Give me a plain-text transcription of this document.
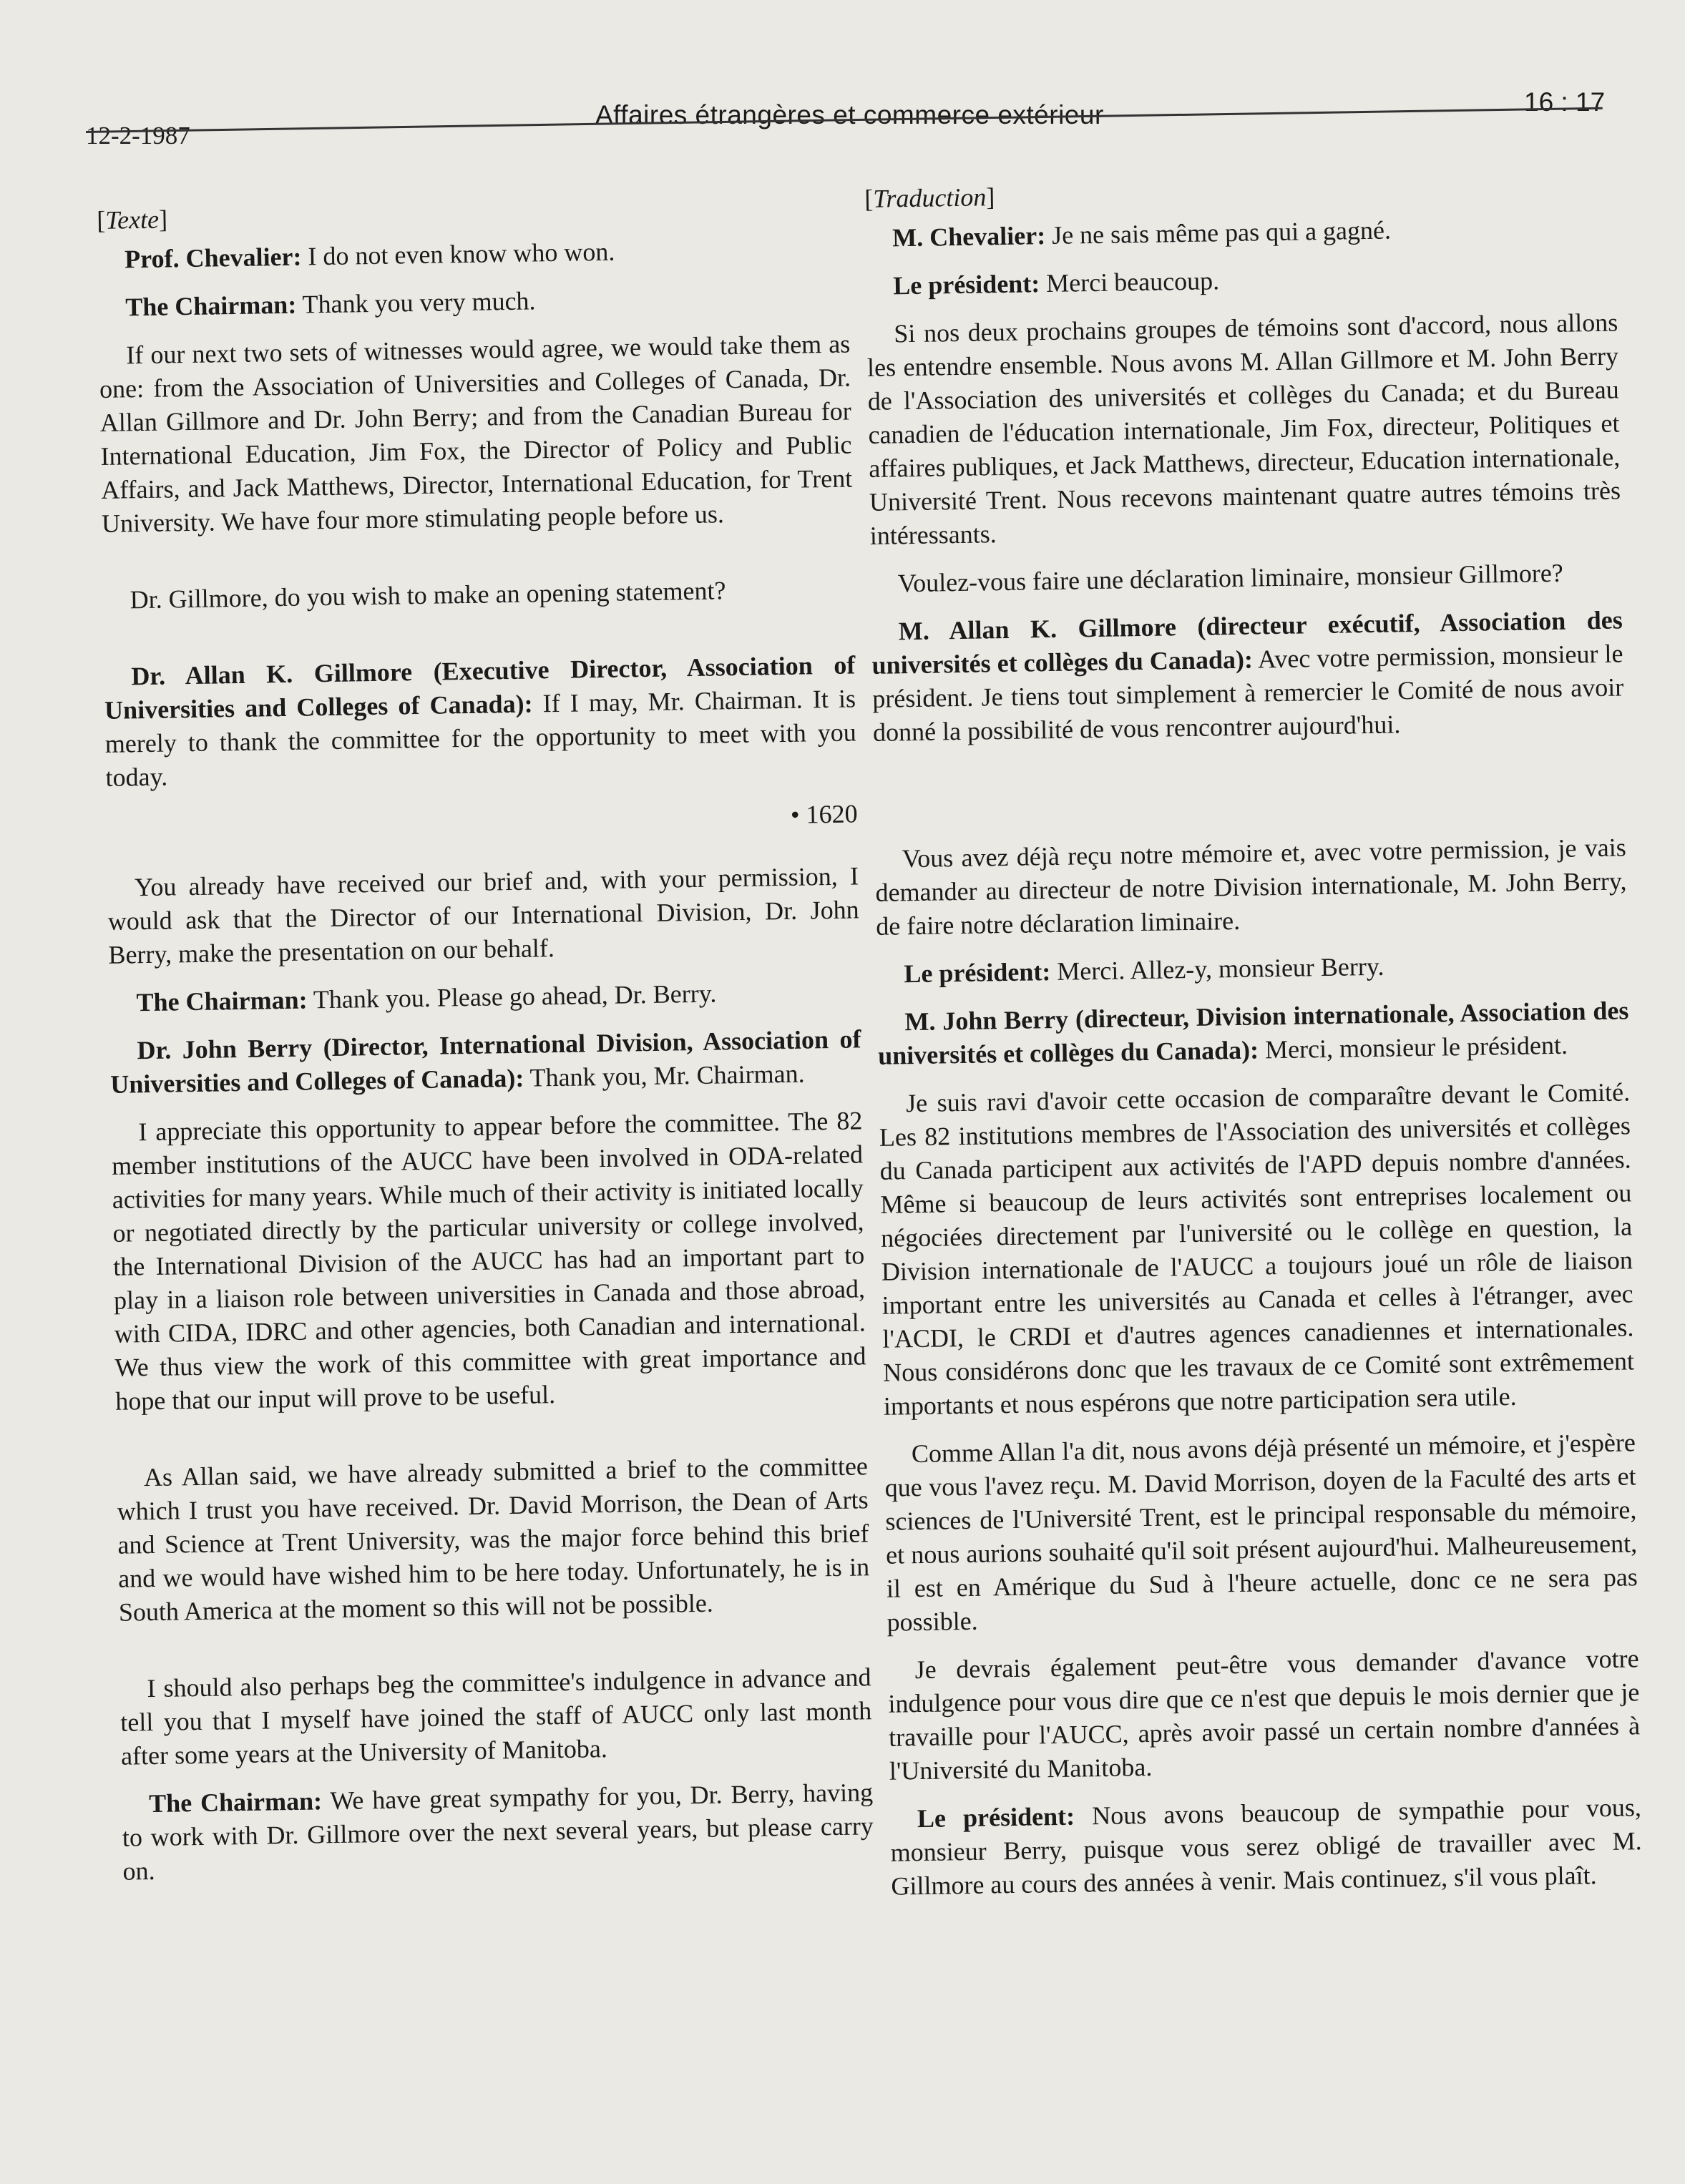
12-2-1987
Affaires étrangères et commerce extérieur	16 : 17

[Texte]

Prof. Chevalier: I do not even know who won.

The Chairman: Thank you very much.

If our next two sets of witnesses would agree, we would take them as one: from the Association of Universities and Colleges of Canada, Dr. Allan Gillmore and Dr. John Berry; and from the Canadian Bureau for International Education, Jim Fox, the Director of Policy and Public Affairs, and Jack Matthews, Director, International Education, for Trent University. We have four more stimulating people before us.

Dr. Gillmore, do you wish to make an opening statement?

Dr. Allan K. Gillmore (Executive Director, Association of Universities and Colleges of Canada): If I may, Mr. Chairman. It is merely to thank the committee for the opportunity to meet with you today.

• 1620

You already have received our brief and, with your permission, I would ask that the Director of our International Division, Dr. John Berry, make the presentation on our behalf.

The Chairman: Thank you. Please go ahead, Dr. Berry.

Dr. John Berry (Director, International Division, Association of Universities and Colleges of Canada): Thank you, Mr. Chairman.

I appreciate this opportunity to appear before the committee. The 82 member institutions of the AUCC have been involved in ODA-related activities for many years. While much of their activity is initiated locally or negotiated directly by the particular university or college involved, the International Division of the AUCC has had an important part to play in a liaison role between universities in Canada and those abroad, with CIDA, IDRC and other agencies, both Canadian and international. We thus view the work of this committee with great importance and hope that our input will prove to be useful.

As Allan said, we have already submitted a brief to the committee which I trust you have received. Dr. David Morrison, the Dean of Arts and Science at Trent University, was the major force behind this brief and we would have wished him to be here today. Unfortunately, he is in South America at the moment so this will not be possible.

I should also perhaps beg the committee's indulgence in advance and tell you that I myself have joined the staff of AUCC only last month after some years at the University of Manitoba.

The Chairman: We have great sympathy for you, Dr. Berry, having to work with Dr. Gillmore over the next several years, but please carry on.

[Traduction]

M. Chevalier: Je ne sais même pas qui a gagné.

Le président: Merci beaucoup.

Si nos deux prochains groupes de témoins sont d'accord, nous allons les entendre ensemble. Nous avons M. Allan Gillmore et M. John Berry de l'Association des universités et collèges du Canada; et du Bureau canadien de l'éducation internationale, Jim Fox, directeur, Politiques et affaires publiques, et Jack Matthews, directeur, Education internationale, Université Trent. Nous recevons maintenant quatre autres témoins très intéressants.

Voulez-vous faire une déclaration liminaire, monsieur Gillmore?

M. Allan K. Gillmore (directeur exécutif, Association des universités et collèges du Canada): Avec votre permission, monsieur le président. Je tiens tout simplement à remercier le Comité de nous avoir donné la possibilité de vous rencontrer aujourd'hui.

Vous avez déjà reçu notre mémoire et, avec votre permission, je vais demander au directeur de notre Division internationale, M. John Berry, de faire notre déclaration liminaire.

Le président: Merci. Allez-y, monsieur Berry.

M. John Berry (directeur, Division internationale, Association des universités et collèges du Canada): Merci, monsieur le président.

Je suis ravi d'avoir cette occasion de comparaître devant le Comité. Les 82 institutions membres de l'Association des universités et collèges du Canada participent aux activités de l'APD depuis nombre d'années. Même si beaucoup de leurs activités sont entreprises localement ou négociées directement par l'université ou le collège en question, la Division internationale de l'AUCC a toujours joué un rôle de liaison important entre les universités au Canada et celles à l'étranger, avec l'ACDI, le CRDI et d'autres agences canadiennes et internationales. Nous considérons donc que les travaux de ce Comité sont extrêmement importants et nous espérons que notre participation sera utile.

Comme Allan l'a dit, nous avons déjà présenté un mémoire, et j'espère que vous l'avez reçu. M. David Morrison, doyen de la Faculté des arts et sciences de l'Université Trent, est le principal responsable du mémoire, et nous aurions souhaité qu'il soit présent aujourd'hui. Malheureusement, il est en Amérique du Sud à l'heure actuelle, donc ce ne sera pas possible.

Je devrais également peut-être vous demander d'avance votre indulgence pour vous dire que ce n'est que depuis le mois dernier que je travaille pour l'AUCC, après avoir passé un certain nombre d'années à l'Université du Manitoba.

Le président: Nous avons beaucoup de sympathie pour vous, monsieur Berry, puisque vous serez obligé de travailler avec M. Gillmore au cours des années à venir. Mais continuez, s'il vous plaît.
